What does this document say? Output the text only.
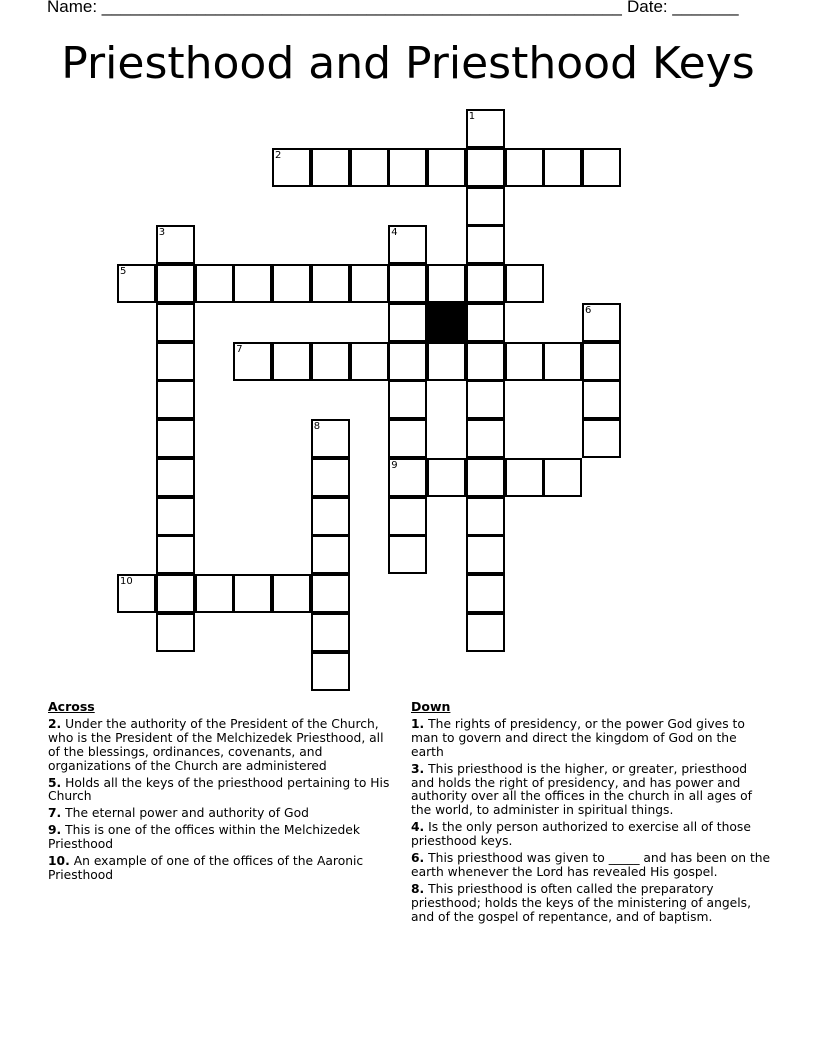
Name: _______________________________________________________ Date: _______
Priesthood and Priesthood Keys
1
2
3	4
5
6
7
8
9
10
Across
2. Under the authority of the President of the Church, who is the President of the Melchizedek Priesthood, all of the blessings, ordinances, covenants, and organizations of the Church are administered
5. Holds all the keys of the priesthood pertaining to His Church
7. The eternal power and authority of God
9. This is one of the offices within the Melchizedek Priesthood
10. An example of one of the offices of the Aaronic Priesthood
Down
1. The rights of presidency, or the power God gives to man to govern and direct the kingdom of God on the earth
3. This priesthood is the higher, or greater, priesthood and holds the right of presidency, and has power and authority over all the offices in the church in all ages of the world, to administer in spiritual things.
4. Is the only person authorized to exercise all of those priesthood keys.
6. This priesthood was given to _____ and has been on the earth whenever the Lord has revealed His gospel.
8. This priesthood is often called the preparatory priesthood; holds the keys of the ministering of angels, and of the gospel of repentance, and of baptism.
